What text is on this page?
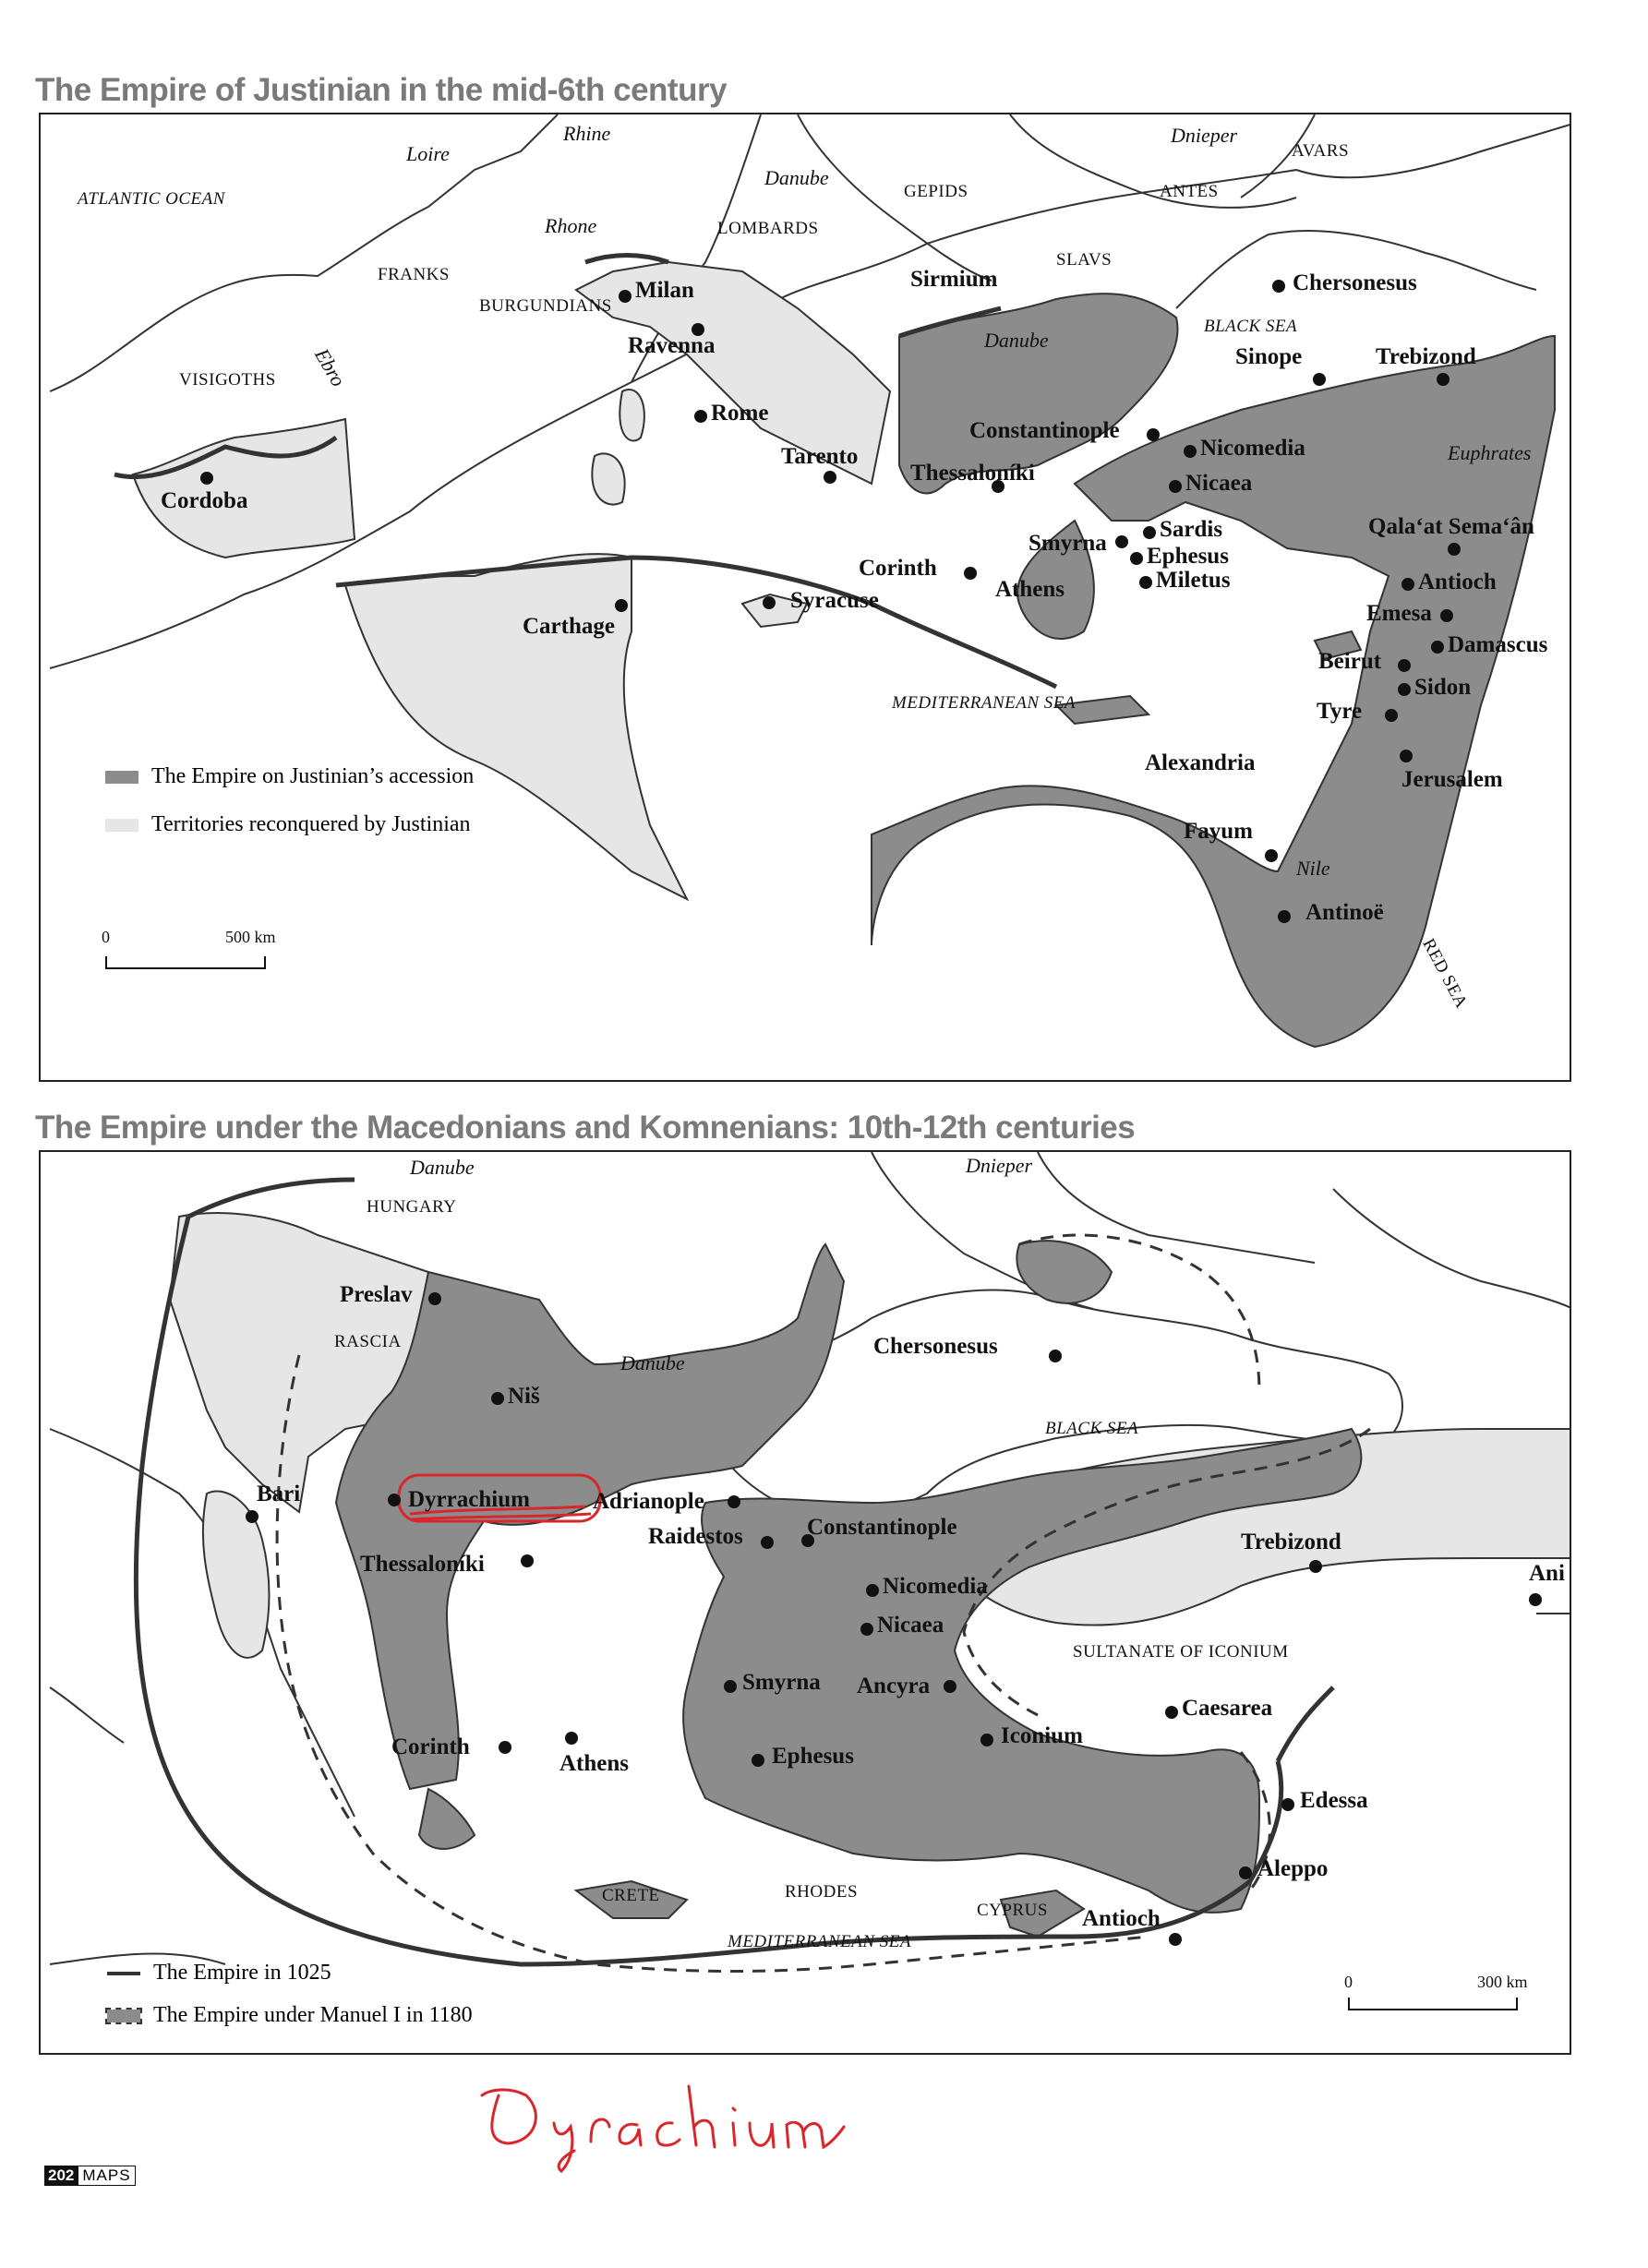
The Empire of Justinian in the mid-6th century
ATLANTIC OCEAN
VISIGOTHS
FRANKS
BURGUNDIANS
LOMBARDS
GEPIDS	ANTES
AVARS
SLAVS
BLACK SEA
MEDITERRANEAN SEA
RED SEA
Loire
Rhine
Rhone
Danube
Danube
Ebro
Dnieper
Euphrates
Nile
Cordoba
Milan
Ravenna
Rome
Tarento
Carthage
Syracuse
Corinth
Athens
Thessaloníki
Constantinople
Sirmium	Chersonesus
Sinope	Trebizond
Nicomedia
Nicaea
Sardis
Smyrna
Ephesus
Miletus
Qala‘at Sema‘ân
Antioch
Emesa
Damascus
Beirut
Sidon
Tyre
Jerusalem
Alexandria
Fayum
Antinoë
The Empire on Justinian’s accession
Territories reconquered by Justinian
0	500 km
The Empire under the Macedonians and Komnenians: 10th-12th centuries
HUNGARY
RASCIA
BLACK SEA
SULTANATE OF ICONIUM
CRETE	RHODES
CYPRUS
MEDITERRANEAN SEA
Danube
Danube
Dnieper
Preslav
Niš
Bari	Dyrrachium
Thessaloníki
Adrianople
Raidestos	Constantinople
Chersonesus
Trebizond
Ani
Nicomedia
Nicaea
Smyrna Ancyra
Iconium
Caesarea
Ephesus
Corinth
Athens
Edessa
Aleppo
Antioch
The Empire in 1025
The Empire under Manuel I in 1180
0	300 km
202 MAPS
